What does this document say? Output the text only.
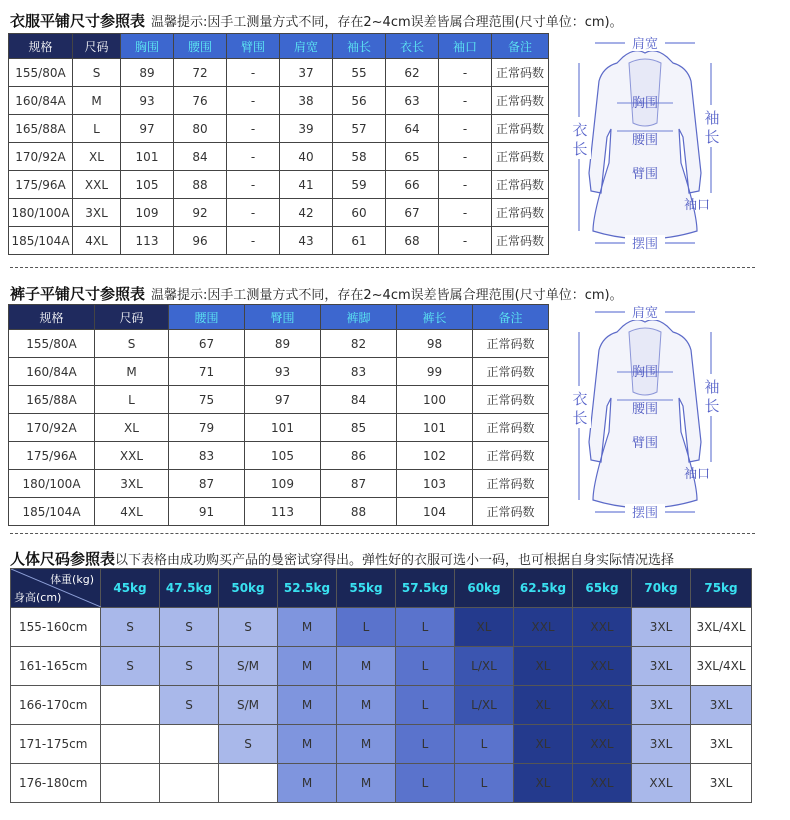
衣服平铺尺寸参照表 温馨提示:因手工测量方式不同，存在2~4cm误差皆属合理范围(尺寸单位：cm)。
规格	尺码	胸围	腰围	臂围	肩宽	袖长	衣长	袖口	备注
155/80A	S	89	72	-	37	55	62	-	正常码数
160/84A	M	93	76	-	38	56	63	-	正常码数
165/88A	L	97	80	-	39	57	64	-	正常码数
170/92A	XL	101	84	-	40	58	65	-	正常码数
175/96A	XXL	105	88	-	41	59	66	-	正常码数
180/100A	3XL	109	92	-	42	60	67	-	正常码数
185/104A	4XL	113	96	-	43	61	68	-	正常码数
肩宽
衣
长
袖
长
胸围
腰围
臂围
袖口
摆围
裤子平铺尺寸参照表 温馨提示:因手工测量方式不同，存在2~4cm误差皆属合理范围(尺寸单位：cm)。
规格	尺码	腰围	臀围	裤脚	裤长	备注
155/80A	S	67	89	82	98	正常码数
160/84A	M	71	93	83	99	正常码数
165/88A	L	75	97	84	100	正常码数
170/92A	XL	79	101	85	101	正常码数
175/96A	XXL	83	105	86	102	正常码数
180/100A	3XL	87	109	87	103	正常码数
185/104A	4XL	91	113	88	104	正常码数
肩宽
衣
长
袖
长
胸围
腰围
臂围
袖口
摆围
人体尺码参照表以下表格由成功购买产品的曼密试穿得出。弹性好的衣服可选小一码，也可根据自身实际情况选择
体重(kg)
身高(cm)	45kg	47.5kg	50kg	52.5kg	55kg	57.5kg	60kg	62.5kg	65kg	70kg	75kg
155-160cm	S	S	S	M	L	L	XL	XXL	XXL	3XL	3XL/4XL
161-165cm	S	S	S/M	M	M	L	L/XL	XL	XXL	3XL	3XL/4XL
166-170cm		S	S/M	M	M	L	L/XL	XL	XXL	3XL	3XL
171-175cm			S	M	M	L	L	XL	XXL	3XL	3XL
176-180cm				M	M	L	L	XL	XXL	XXL	3XL
